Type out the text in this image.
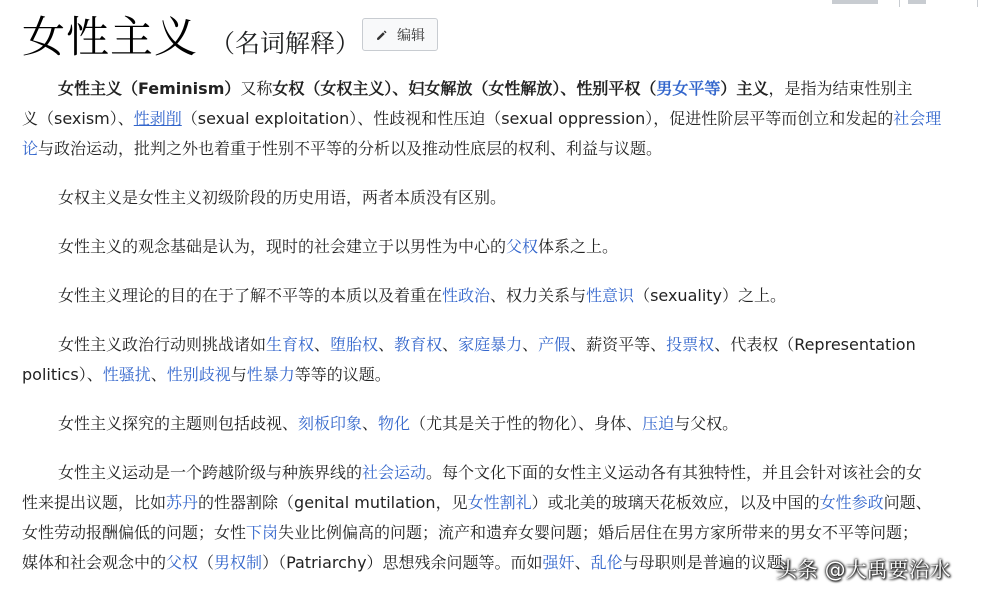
女性主义 （名词解释）	编辑

女性主义（Feminism）又称女权（女权主义）、妇女解放（女性解放）、性别平权（男女平等）主义，是指为结束性别主
义（sexism）、性剥削（sexual exploitation）、性歧视和性压迫（sexual oppression），促进性阶层平等而创立和发起的社会理
论与政治运动，批判之外也着重于性别不平等的分析以及推动性底层的权利、利益与议题。

女权主义是女性主义初级阶段的历史用语，两者本质没有区别。

女性主义的观念基础是认为，现时的社会建立于以男性为中心的父权体系之上。

女性主义理论的目的在于了解不平等的本质以及着重在性政治、权力关系与性意识（sexuality）之上。

女性主义政治行动则挑战诸如生育权、堕胎权、教育权、家庭暴力、产假、薪资平等、投票权、代表权（Representation
politics）、性骚扰、性别歧视与性暴力等等的议题。

女性主义探究的主题则包括歧视、刻板印象、物化（尤其是关于性的物化）、身体、压迫与父权。

女性主义运动是一个跨越阶级与种族界线的社会运动。每个文化下面的女性主义运动各有其独特性，并且会针对该社会的女
性来提出议题，比如苏丹的性器割除（genital mutilation，见女性割礼）或北美的玻璃天花板效应，以及中国的女性参政问题、
女性劳动报酬偏低的问题；女性下岗失业比例偏高的问题；流产和遗弃女婴问题；婚后居住在男方家所带来的男女不平等问题；
媒体和社会观念中的父权（男权制）（Patriarchy）思想残余问题等。而如强奸、乱伦与母职则是普遍的议题。

头条 @大禹要治水
